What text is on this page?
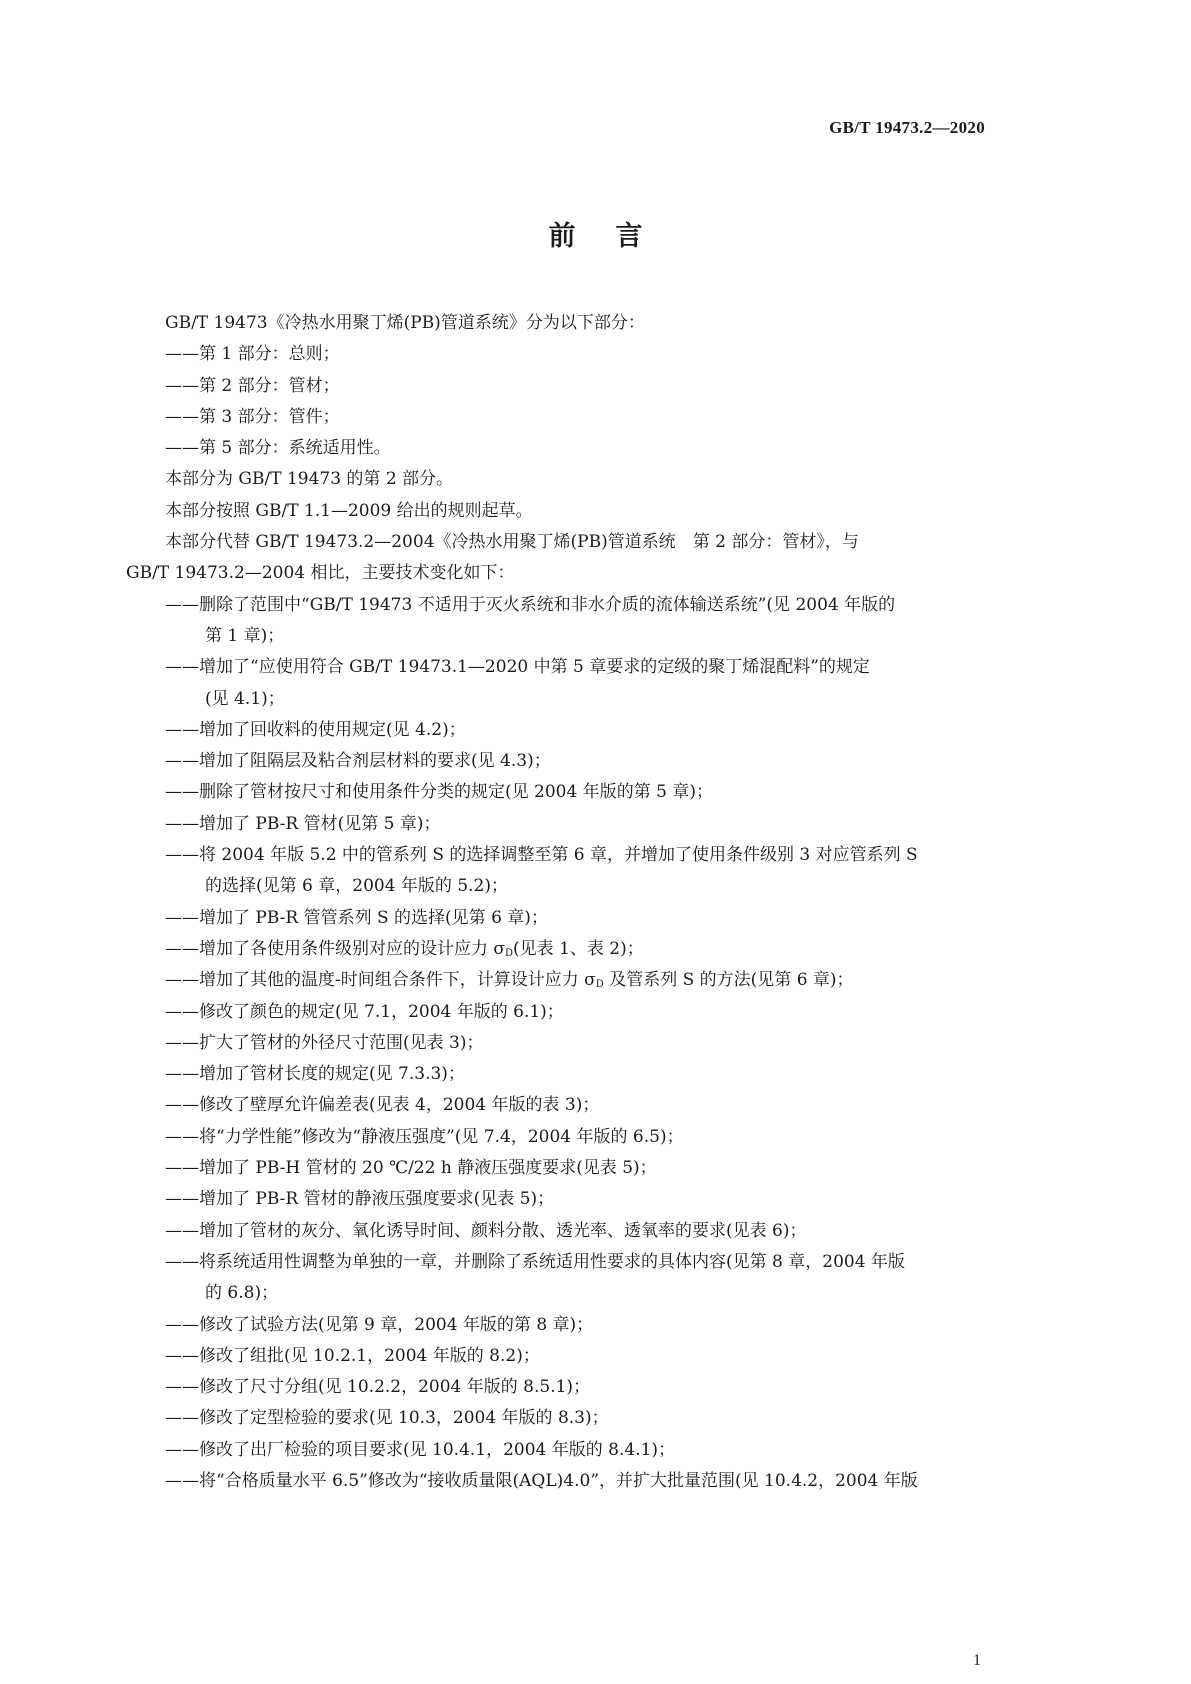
GB/T 19473.2—2020
前 言
GB/T 19473《冷热水用聚丁烯(PB)管道系统》分为以下部分：
——第 1 部分：总则；
——第 2 部分：管材；
——第 3 部分：管件；
——第 5 部分：系统适用性。
本部分为 GB/T 19473 的第 2 部分。
本部分按照 GB/T 1.1—2009 给出的规则起草。
本部分代替 GB/T 19473.2—2004《冷热水用聚丁烯(PB)管道系统　第 2 部分：管材》，与
GB/T 19473.2—2004 相比，主要技术变化如下：
——删除了范围中“GB/T 19473 不适用于灭火系统和非水介质的流体输送系统”(见 2004 年版的
第 1 章)；
——增加了“应使用符合 GB/T 19473.1—2020 中第 5 章要求的定级的聚丁烯混配料”的规定
(见 4.1)；
——增加了回收料的使用规定(见 4.2)；
——增加了阻隔层及粘合剂层材料的要求(见 4.3)；
——删除了管材按尺寸和使用条件分类的规定(见 2004 年版的第 5 章)；
——增加了 PB-R 管材(见第 5 章)；
——将 2004 年版 5.2 中的管系列 S 的选择调整至第 6 章，并增加了使用条件级别 3 对应管系列 S
的选择(见第 6 章，2004 年版的 5.2)；
——增加了 PB-R 管管系列 S 的选择(见第 6 章)；
——增加了各使用条件级别对应的设计应力 $\sigma_D$(见表 1、表 2)；
——增加了其他的温度-时间组合条件下，计算设计应力 $\sigma_D$ 及管系列 S 的方法(见第 6 章)；
——修改了颜色的规定(见 7.1，2004 年版的 6.1)；
——扩大了管材的外径尺寸范围(见表 3)；
——增加了管材长度的规定(见 7.3.3)；
——修改了壁厚允许偏差表(见表 4，2004 年版的表 3)；
——将“力学性能”修改为“静液压强度”(见 7.4，2004 年版的 6.5)；
——增加了 PB-H 管材的 20 ℃/22 h 静液压强度要求(见表 5)；
——增加了 PB-R 管材的静液压强度要求(见表 5)；
——增加了管材的灰分、氧化诱导时间、颜料分散、透光率、透氧率的要求(见表 6)；
——将系统适用性调整为单独的一章，并删除了系统适用性要求的具体内容(见第 8 章，2004 年版
的 6.8)；
——修改了试验方法(见第 9 章，2004 年版的第 8 章)；
——修改了组批(见 10.2.1，2004 年版的 8.2)；
——修改了尺寸分组(见 10.2.2，2004 年版的 8.5.1)；
——修改了定型检验的要求(见 10.3，2004 年版的 8.3)；
——修改了出厂检验的项目要求(见 10.4.1，2004 年版的 8.4.1)；
——将“合格质量水平 6.5”修改为“接收质量限(AQL)4.0”，并扩大批量范围(见 10.4.2，2004 年版
1
